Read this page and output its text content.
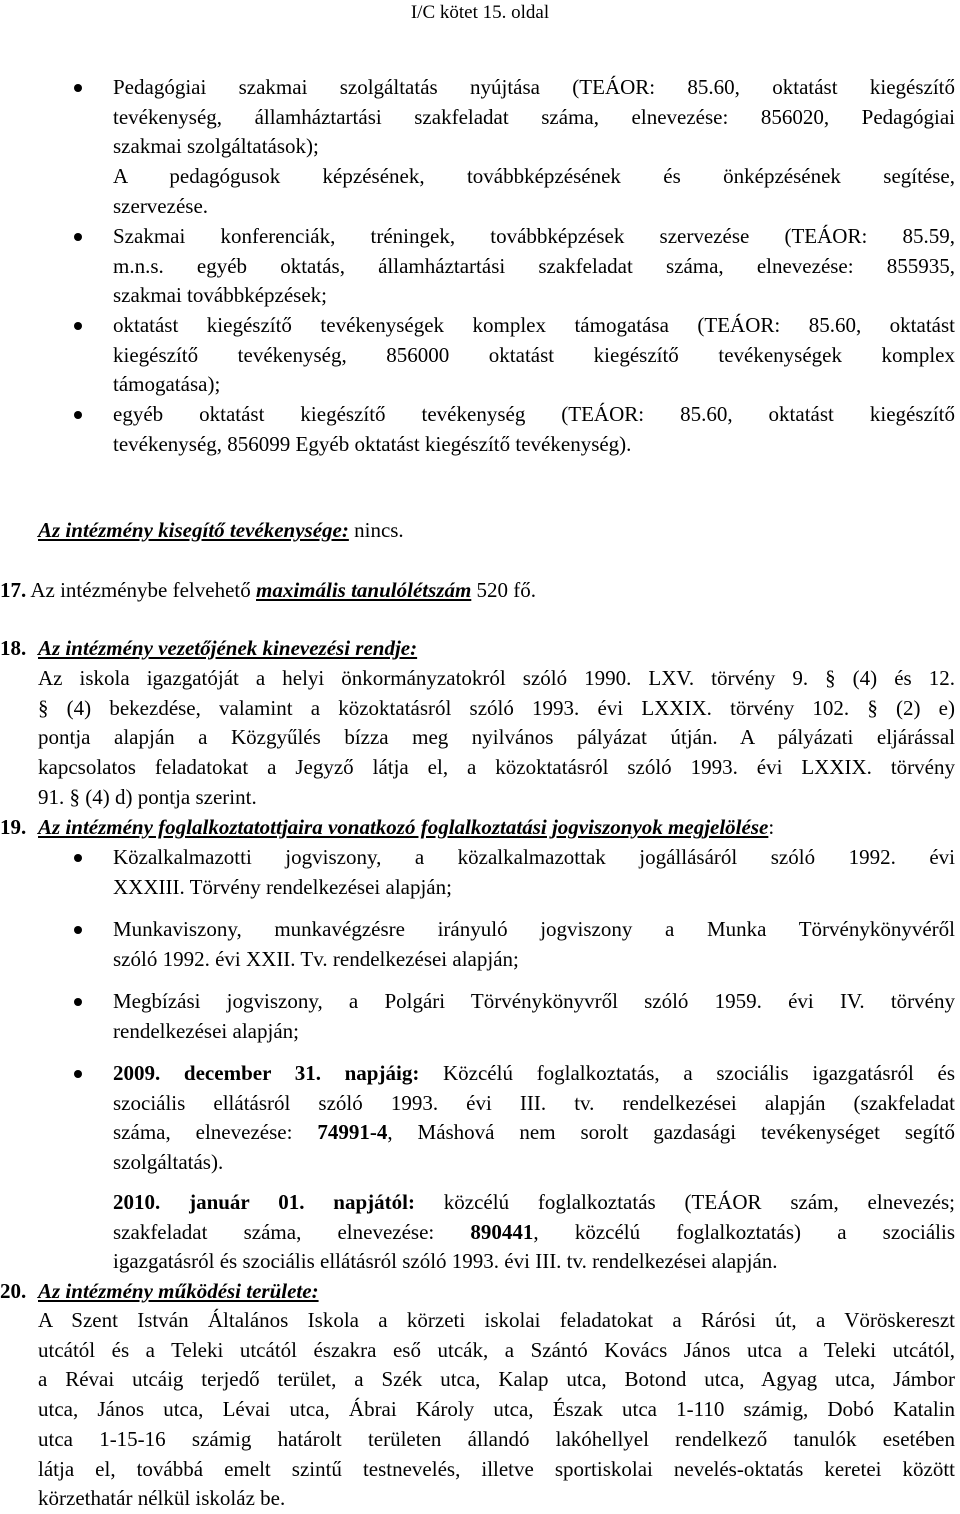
I/C kötet 15. oldal
Pedagógiai szakmai szolgáltatás nyújtása (TEÁOR: 85.60, oktatást kiegészítő
tevékenység, államháztartási szakfeladat száma, elnevezése: 856020, Pedagógiai
szakmai szolgáltatások);
A pedagógusok képzésének, továbbképzésének és önképzésének segítése,
szervezése.
Szakmai konferenciák, tréningek, továbbképzések szervezése (TEÁOR: 85.59,
m.n.s. egyéb oktatás, államháztartási szakfeladat száma, elnevezése: 855935,
szakmai továbbképzések;
oktatást kiegészítő tevékenységek komplex támogatása (TEÁOR: 85.60, oktatást
kiegészítő tevékenység, 856000 oktatást kiegészítő tevékenységek komplex
támogatása);
egyéb oktatást kiegészítő tevékenység (TEÁOR: 85.60, oktatást kiegészítő
tevékenység, 856099 Egyéb oktatást kiegészítő tevékenység).

Az intézmény kisegítő tevékenysége: nincs.

17. Az intézménybe felvehető maximális tanulólétszám 520 fő.

18. Az intézmény vezetőjének kinevezési rendje:

Az iskola igazgatóját a helyi önkormányzatokról szóló 1990. LXV. törvény 9. § (4) és 12.
§ (4) bekezdése, valamint a közoktatásról szóló 1993. évi LXXIX. törvény 102. § (2) e)
pontja alapján a Közgyűlés bízza meg nyilvános pályázat útján. A pályázati eljárással
kapcsolatos feladatokat a Jegyző látja el, a közoktatásról szóló 1993. évi LXXIX. törvény
91. § (4) d) pontja szerint.
19. Az intézmény foglalkoztatottjaira vonatkozó foglalkoztatási jogviszonyok megjelölése:

Közalkalmazotti jogviszony, a közalkalmazottak jogállásáról szóló 1992. évi
XXXIII. Törvény rendelkezései alapján;
Munkaviszony, munkavégzésre irányuló jogviszony a Munka Törvénykönyvéről
szóló 1992. évi XXII. Tv. rendelkezései alapján;
Megbízási jogviszony, a Polgári Törvénykönyvről szóló 1959. évi IV. törvény
rendelkezései alapján;
2009. december 31. napjáig: Közcélú foglalkoztatás, a szociális igazgatásról és
szociális ellátásról szóló 1993. évi III. tv. rendelkezései alapján (szakfeladat
száma, elnevezése: 74991-4, Máshová nem sorolt gazdasági tevékenységet segítő
szolgáltatás).
2010. január 01. napjától: közcélú foglalkoztatás (TEÁOR szám, elnevezés;
szakfeladat száma, elnevezése: 890441, közcélú foglalkoztatás) a szociális
igazgatásról és szociális ellátásról szóló 1993. évi III. tv. rendelkezései alapján.
20. Az intézmény működési területe:

A Szent István Általános Iskola a körzeti iskolai feladatokat a Rárósi út, a Vöröskereszt
utcától és a Teleki utcától északra eső utcák, a Szántó Kovács János utca a Teleki utcától,
a Révai utcáig terjedő terület, a Szék utca, Kalap utca, Botond utca, Agyag utca, Jámbor
utca, János utca, Lévai utca, Ábrai Károly utca, Észak utca 1-110 számig, Dobó Katalin
utca 1-15-16 számig határolt területen állandó lakóhellyel rendelkező tanulók esetében
látja el, továbbá emelt szintű testnevelés, illetve sportiskolai nevelés-oktatás keretei között
körzethatár nélkül iskoláz be.
